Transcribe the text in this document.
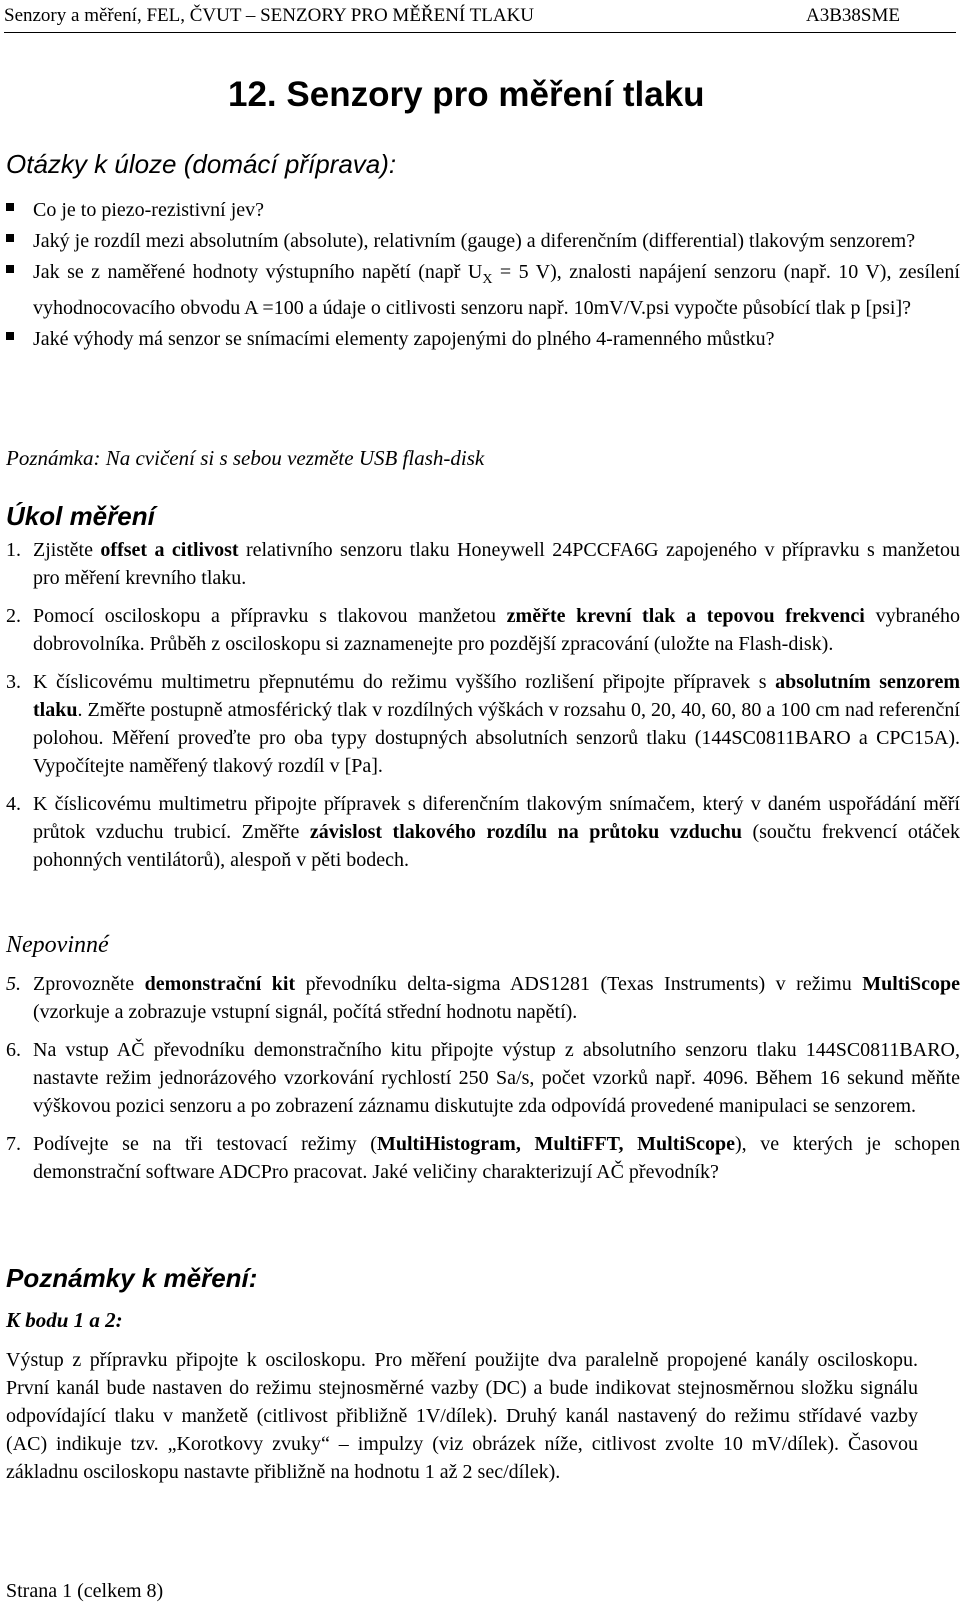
Senzory a měření, FEL, ČVUT – SENZORY PRO MĚŘENÍ TLAKU	A3B38SME
12. Senzory pro měření tlaku
Otázky k úloze (domácí příprava):
Co je to piezo-rezistivní jev?
Jaký je rozdíl mezi absolutním (absolute), relativním (gauge) a diferenčním (differential) tlakovým senzorem?
Jak se z naměřené hodnoty výstupního napětí (např $U_X = 5$ V), znalosti napájení senzoru (např. 10 V), zesílení vyhodnocovacího obvodu A =100 a údaje o citlivosti senzoru např. 10mV/V.psi vypočte působící tlak p [psi]?
Jaké výhody má senzor se snímacími elementy zapojenými do plného 4-ramenného můstku?
Poznámka: Na cvičení si s sebou vezměte USB flash-disk
Úkol měření
1. Zjistěte offset a citlivost relativního senzoru tlaku Honeywell 24PCCFA6G zapojeného v přípravku s manžetou pro měření krevního tlaku.
2. Pomocí osciloskopu a přípravku s tlakovou manžetou změřte krevní tlak a tepovou frekvenci vybraného dobrovolníka. Průběh z osciloskopu si zaznamenejte pro pozdější zpracování (uložte na Flash-disk).
3. K číslicovému multimetru přepnutému do režimu vyššího rozlišení připojte přípravek s absolutním senzorem tlaku. Změřte postupně atmosférický tlak v rozdílných výškách v rozsahu 0, 20, 40, 60, 80 a 100 cm nad referenční polohou. Měření proveďte pro oba typy dostupných absolutních senzorů tlaku (144SC0811BARO a CPC15A). Vypočítejte naměřený tlakový rozdíl v [Pa].
4. K číslicovému multimetru připojte přípravek s diferenčním tlakovým snímačem, který v daném uspořádání měří průtok vzduchu trubicí. Změřte závislost tlakového rozdílu na průtoku vzduchu (součtu frekvencí otáček pohonných ventilátorů), alespoň v pěti bodech.
Nepovinné
5. Zprovozněte demonstrační kit převodníku delta-sigma ADS1281 (Texas Instruments) v režimu MultiScope (vzorkuje a zobrazuje vstupní signál, počítá střední hodnotu napětí).
6. Na vstup AČ převodníku demonstračního kitu připojte výstup z absolutního senzoru tlaku 144SC0811BARO, nastavte režim jednorázového vzorkování rychlostí 250 Sa/s, počet vzorků např. 4096. Během 16 sekund měňte výškovou pozici senzoru a po zobrazení záznamu diskutujte zda odpovídá provedené manipulaci se senzorem.
7. Podívejte se na tři testovací režimy (MultiHistogram, MultiFFT, MultiScope), ve kterých je schopen demonstrační software ADCPro pracovat. Jaké veličiny charakterizují AČ převodník?
Poznámky k měření:
K bodu 1 a 2:
Výstup z přípravku připojte k osciloskopu. Pro měření použijte dva paralelně propojené kanály osciloskopu. První kanál bude nastaven do režimu stejnosměrné vazby (DC) a bude indikovat stejnosměrnou složku signálu odpovídající tlaku v manžetě (citlivost přibližně 1V/dílek). Druhý kanál nastavený do režimu střídavé vazby (AC) indikuje tzv. „Korotkovy zvuky“ – impulzy (viz obrázek níže, citlivost zvolte 10 mV/dílek). Časovou základnu osciloskopu nastavte přibližně na hodnotu 1 až 2 sec/dílek).
Strana 1 (celkem 8)
